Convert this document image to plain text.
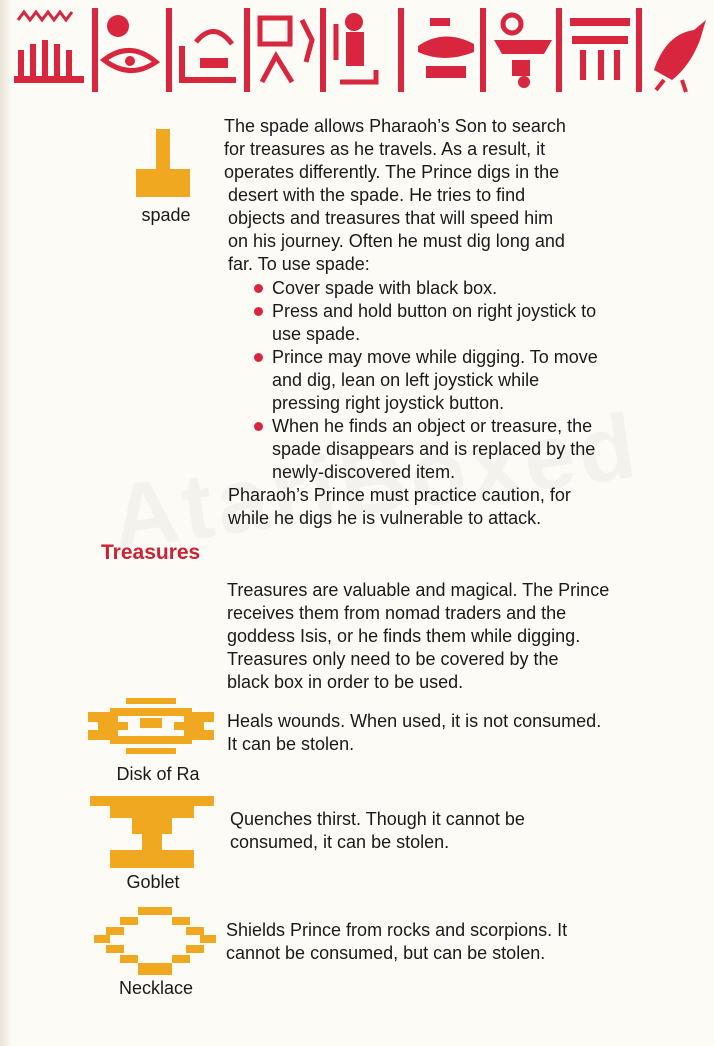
spade
The spade allows Pharaoh’s Son to search
for treasures as he travels. As a result, it
operates differently. The Prince digs in the
desert with the spade. He tries to find
objects and treasures that will speed him
on his journey. Often he must dig long and
far. To use spade:
Cover spade with black box.
Press and hold button on right joystick to
use spade.
Prince may move while digging. To move
and dig, lean on left joystick while
pressing right joystick button.
When he finds an object or treasure, the
spade disappears and is replaced by the
newly-discovered item.
Pharaoh’s Prince must practice caution, for
while he digs he is vulnerable to attack.
Treasures
Treasures are valuable and magical. The Prince
receives them from nomad traders and the
goddess Isis, or he finds them while digging.
Treasures only need to be covered by the
black box in order to be used.
Disk of Ra
Heals wounds. When used, it is not consumed.
It can be stolen.
Goblet
Quenches thirst. Though it cannot be
consumed, it can be stolen.
Necklace
Shields Prince from rocks and scorpions. It
cannot be consumed, but can be stolen.
